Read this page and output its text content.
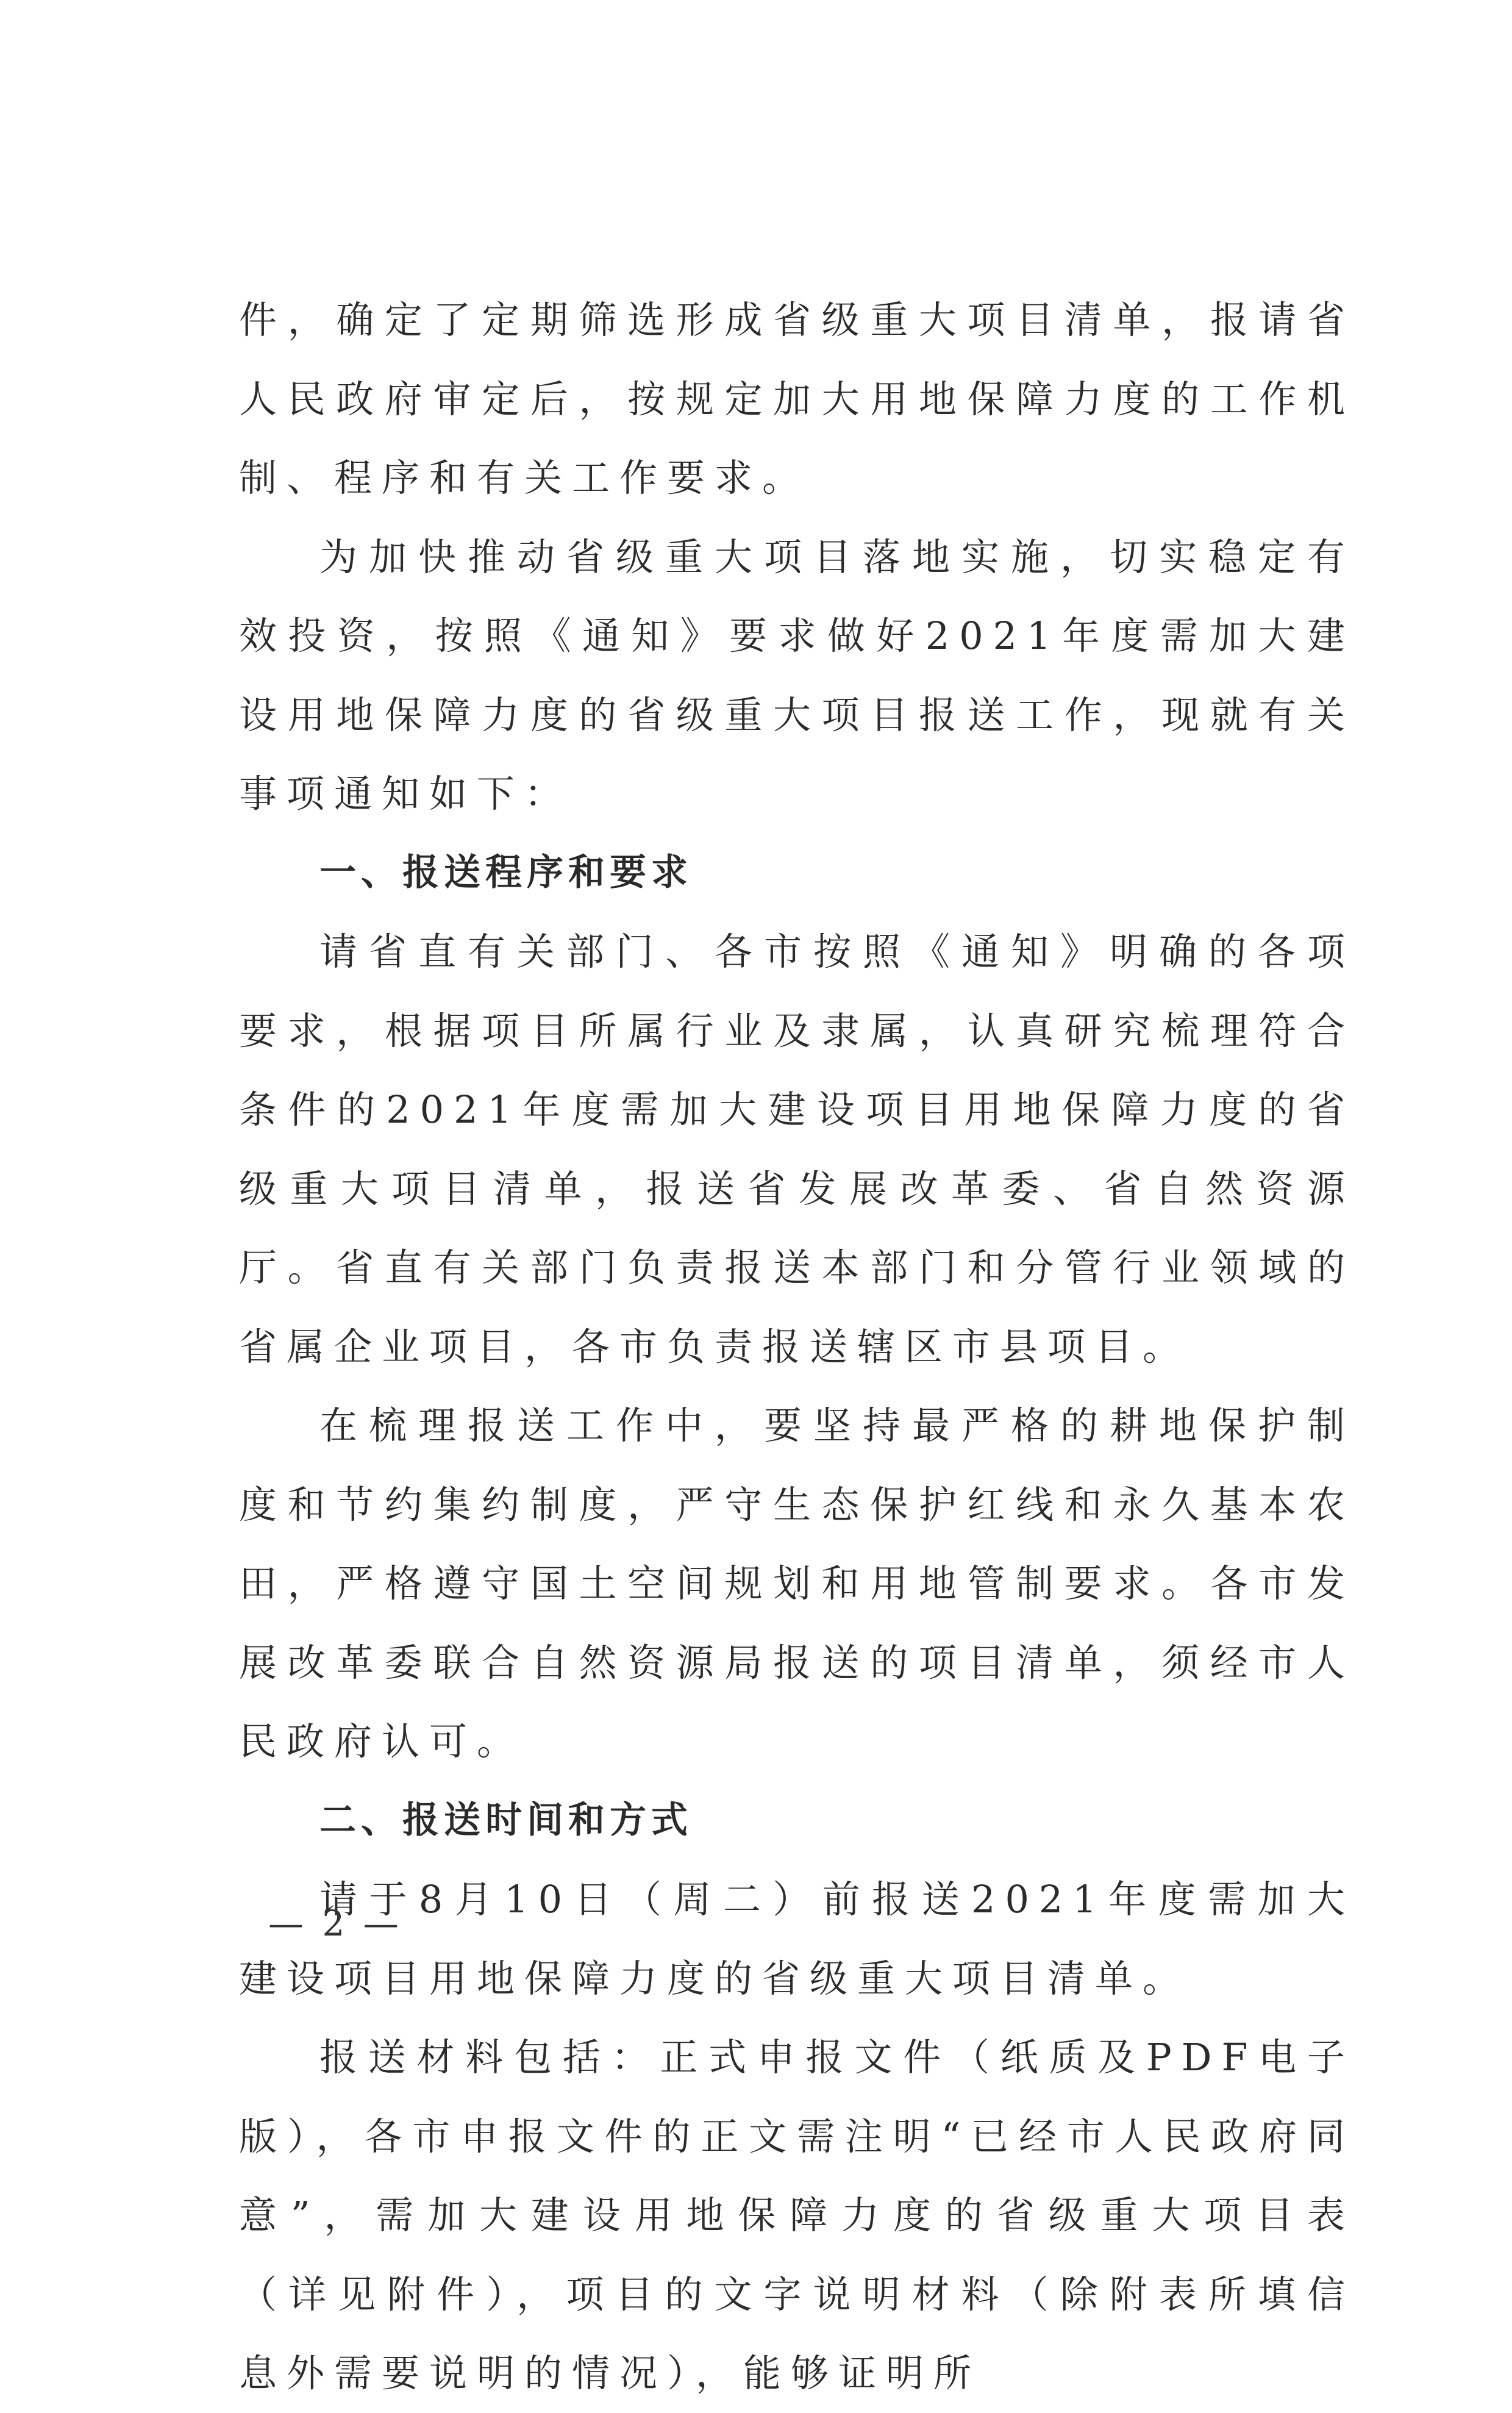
件，确定了定期筛选形成省级重大项目清单，报请省人民政府审定后，按规定加大用地保障力度的工作机制、程序和有关工作要求。

为加快推动省级重大项目落地实施，切实稳定有效投资，按照《通知》要求做好2021年度需加大建设用地保障力度的省级重大项目报送工作，现就有关事项通知如下：

一、报送程序和要求

请省直有关部门、各市按照《通知》明确的各项要求，根据项目所属行业及隶属，认真研究梳理符合条件的2021年度需加大建设项目用地保障力度的省级重大项目清单，报送省发展改革委、省自然资源厅。省直有关部门负责报送本部门和分管行业领域的省属企业项目，各市负责报送辖区市县项目。

在梳理报送工作中，要坚持最严格的耕地保护制度和节约集约制度，严守生态保护红线和永久基本农田，严格遵守国土空间规划和用地管制要求。各市发展改革委联合自然资源局报送的项目清单，须经市人民政府认可。

二、报送时间和方式

请于8月10日（周二）前报送2021年度需加大建设项目用地保障力度的省级重大项目清单。

报送材料包括：正式申报文件（纸质及PDF电子版），各市申报文件的正文需注明“已经市人民政府同意”，需加大建设用地保障力度的省级重大项目表（详见附件），项目的文字说明材料（除附表所填信息外需要说明的情况），能够证明所

— 2 —
